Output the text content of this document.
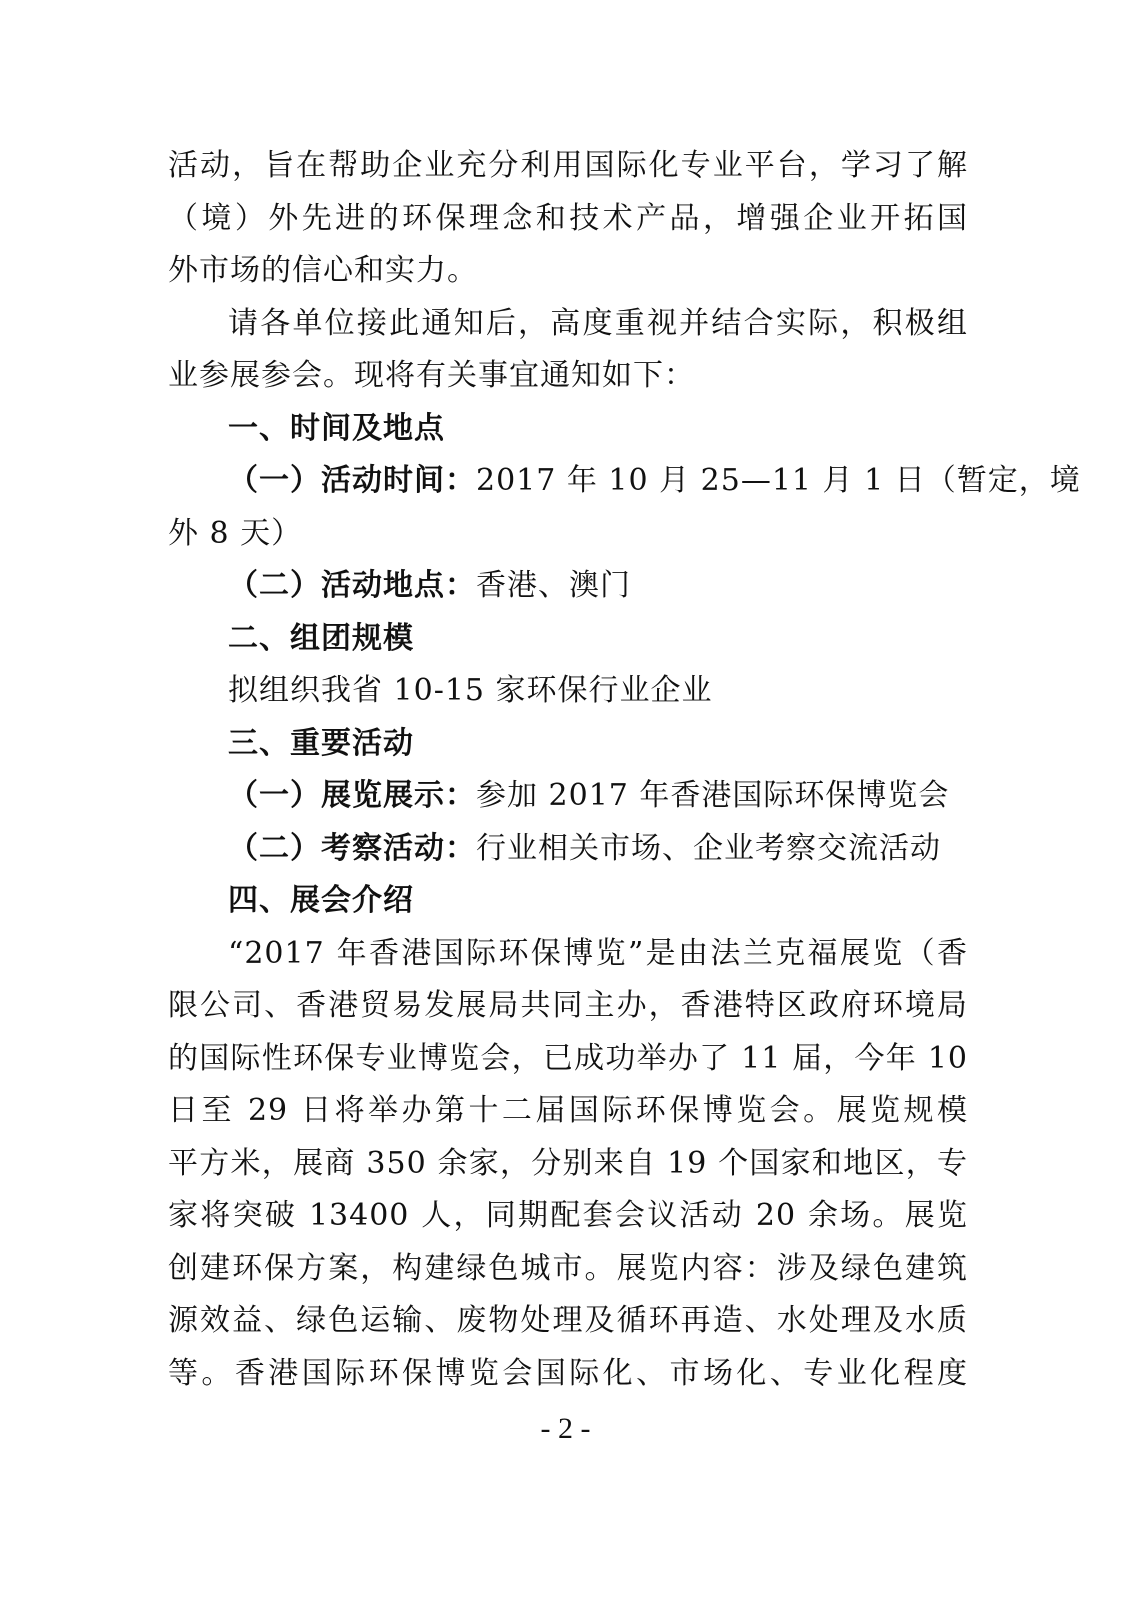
活动，旨在帮助企业充分利用国际化专业平台，学习了解
（境）外先进的环保理念和技术产品，增强企业开拓国
外市场的信心和实力。
请各单位接此通知后，高度重视并结合实际，积极组
业参展参会。现将有关事宜通知如下：
一、时间及地点
（一）活动时间：2017 年 10 月 25—11 月 1 日（暂定，境
外 8 天）
（二）活动地点：香港、澳门
二、组团规模
拟组织我省 10-15 家环保行业企业
三、重要活动
（一）展览展示：参加 2017 年香港国际环保博览会
（二）考察活动：行业相关市场、企业考察交流活动
四、展会介绍
“2017 年香港国际环保博览”是由法兰克福展览（香
限公司、香港贸易发展局共同主办，香港特区政府环境局
的国际性环保专业博览会，已成功举办了 11 届，今年 10
日至 29 日将举办第十二届国际环保博览会。展览规模
平方米，展商 350 余家，分别来自 19 个国家和地区，专
家将突破 13400 人，同期配套会议活动 20 余场。展览
创建环保方案，构建绿色城市。展览内容：涉及绿色建筑
源效益、绿色运输、废物处理及循环再造、水处理及水质
等。香港国际环保博览会国际化、市场化、专业化程度
- 2 -
